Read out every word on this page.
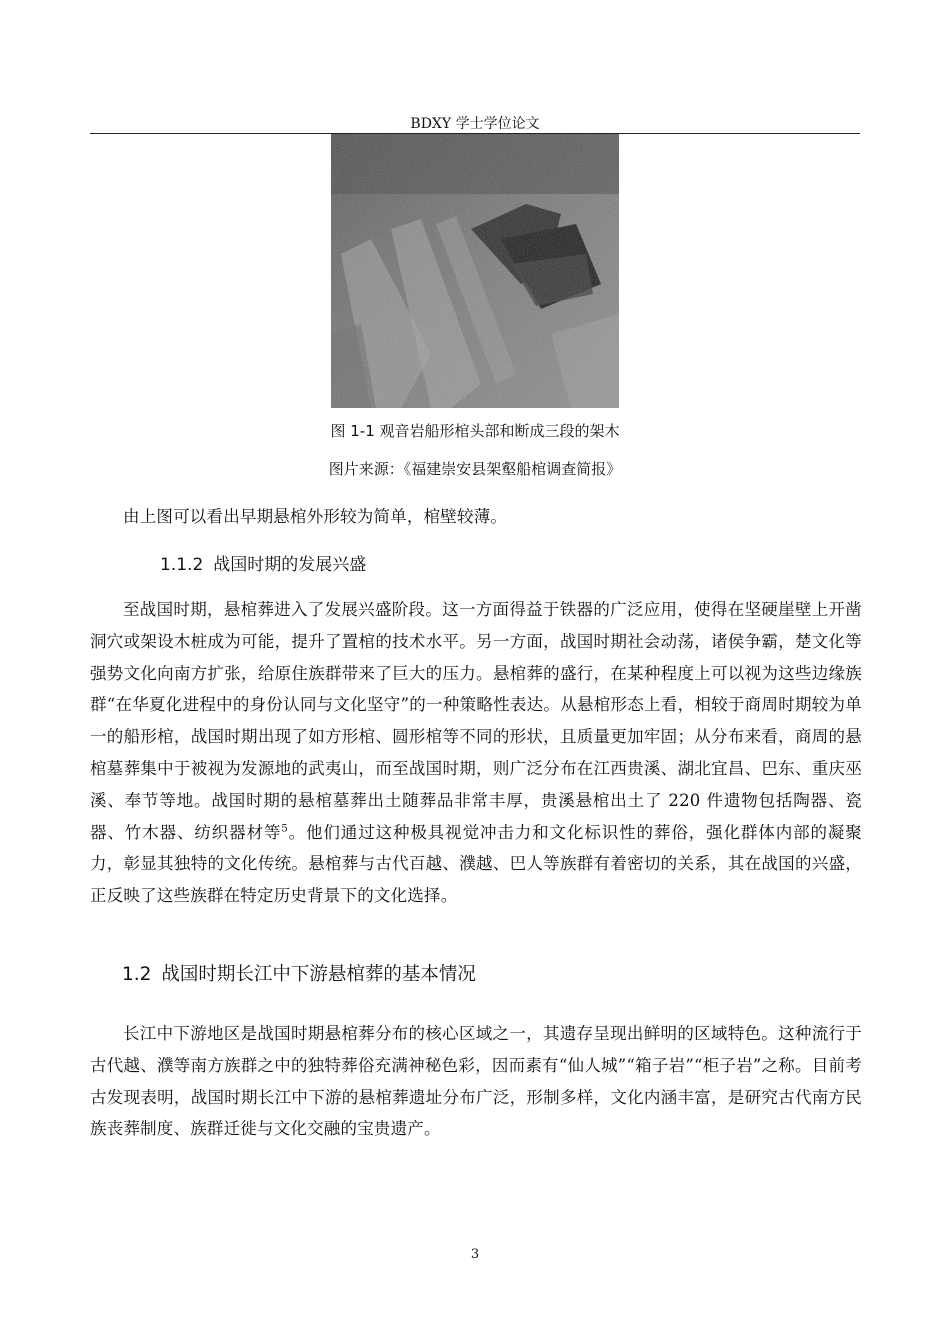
BDXY 学士学位论文
图 1-1 观音岩船形棺头部和断成三段的架木
图片来源：《福建崇安县架壑船棺调查简报》

由上图可以看出早期悬棺外形较为简单，棺壁较薄。

1.1.2 战国时期的发展兴盛

至战国时期，悬棺葬进入了发展兴盛阶段。这一方面得益于铁器的广泛应用，使得在坚硬崖壁上开凿洞穴或架设木桩成为可能，提升了置棺的技术水平。另一方面，战国时期社会动荡，诸侯争霸，楚文化等强势文化向南方扩张，给原住族群带来了巨大的压力。悬棺葬的盛行，在某种程度上可以视为这些边缘族群“在华夏化进程中的身份认同与文化坚守”的一种策略性表达。从悬棺形态上看，相较于商周时期较为单一的船形棺，战国时期出现了如方形棺、圆形棺等不同的形状，且质量更加牢固；从分布来看，商周的悬棺墓葬集中于被视为发源地的武夷山，而至战国时期，则广泛分布在江西贵溪、湖北宜昌、巴东、重庆巫溪、奉节等地。战国时期的悬棺墓葬出土随葬品非常丰厚，贵溪悬棺出土了 220 件遗物包括陶器、瓷器、竹木器、纺织器材等$^5$。他们通过这种极具视觉冲击力和文化标识性的葬俗，强化群体内部的凝聚力，彰显其独特的文化传统。悬棺葬与古代百越、濮越、巴人等族群有着密切的关系，其在战国的兴盛，正反映了这些族群在特定历史背景下的文化选择。

1.2 战国时期长江中下游悬棺葬的基本情况

长江中下游地区是战国时期悬棺葬分布的核心区域之一，其遗存呈现出鲜明的区域特色。这种流行于古代越、濮等南方族群之中的独特葬俗充满神秘色彩，因而素有“仙人城”“箱子岩”“柜子岩”之称。目前考古发现表明，战国时期长江中下游的悬棺葬遗址分布广泛，形制多样，文化内涵丰富，是研究古代南方民族丧葬制度、族群迁徙与文化交融的宝贵遗产。

3
